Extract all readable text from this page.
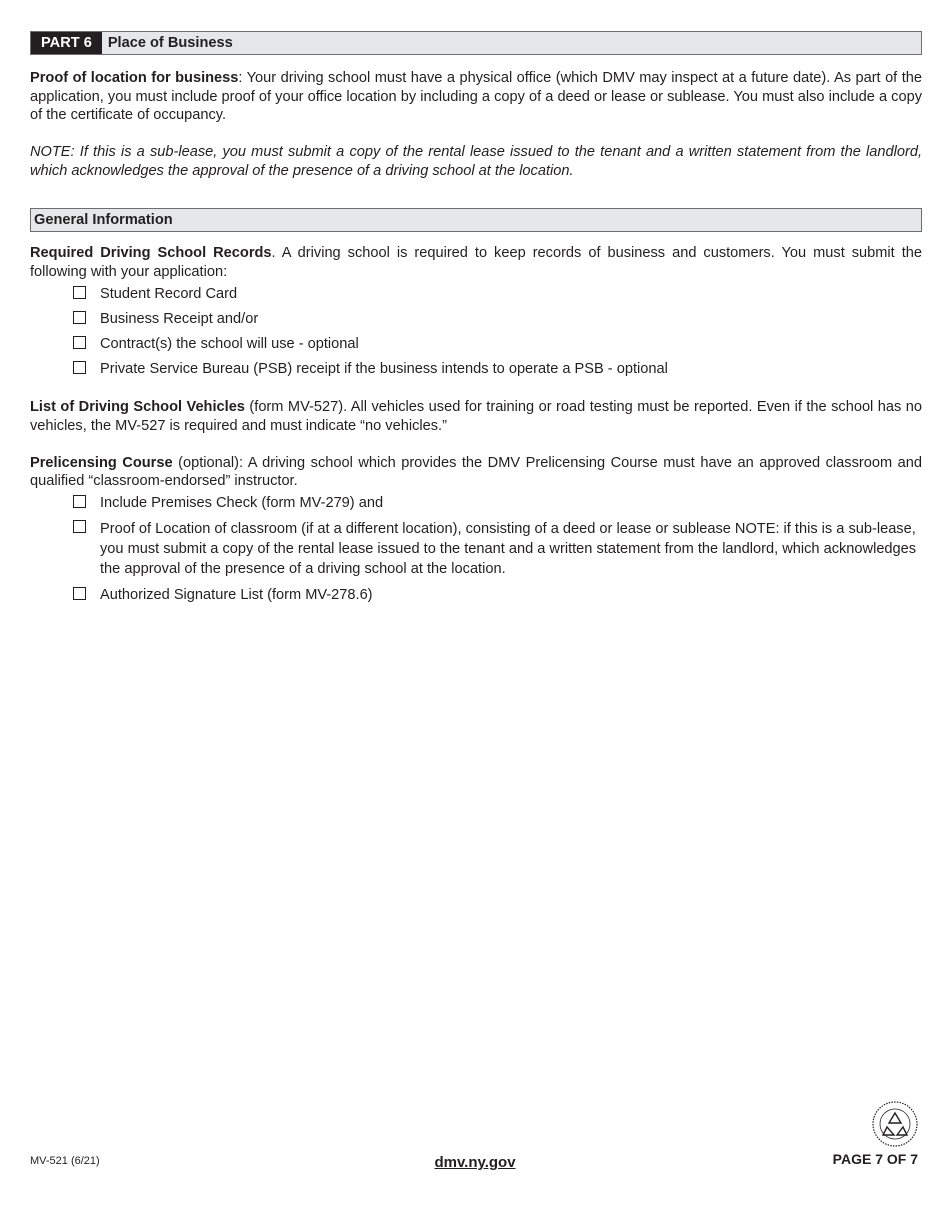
PART 6	Place of Business

Proof of location for business: Your driving school must have a physical office (which DMV may inspect at a future date). As part of the application, you must include proof of your office location by including a copy of a deed or lease or sublease. You must also include a copy of the certificate of occupancy.

NOTE: If this is a sub-lease, you must submit a copy of the rental lease issued to the tenant and a written statement from the landlord, which acknowledges the approval of the presence of a driving school at the location.

General Information

Required Driving School Records. A driving school is required to keep records of business and customers. You must submit the following with your application:

Student Record Card
Business Receipt and/or
Contract(s) the school will use - optional
Private Service Bureau (PSB) receipt if the business intends to operate a PSB - optional

List of Driving School Vehicles (form MV-527). All vehicles used for training or road testing must be reported. Even if the school has no vehicles, the MV-527 is required and must indicate “no vehicles.”

Prelicensing Course (optional): A driving school which provides the DMV Prelicensing Course must have an approved classroom and qualified “classroom-endorsed” instructor.

Include Premises Check (form MV-279) and
Proof of Location of classroom (if at a different location), consisting of a deed or lease or sublease NOTE: if this is a sub-lease, you must submit a copy of the rental lease issued to the tenant and a written statement from the landlord, which acknowledges the approval of the presence of a driving school at the location.
Authorized Signature List (form MV-278.6)
MV-521 (6/21)	dmv.ny.gov	PAGE 7 OF 7
